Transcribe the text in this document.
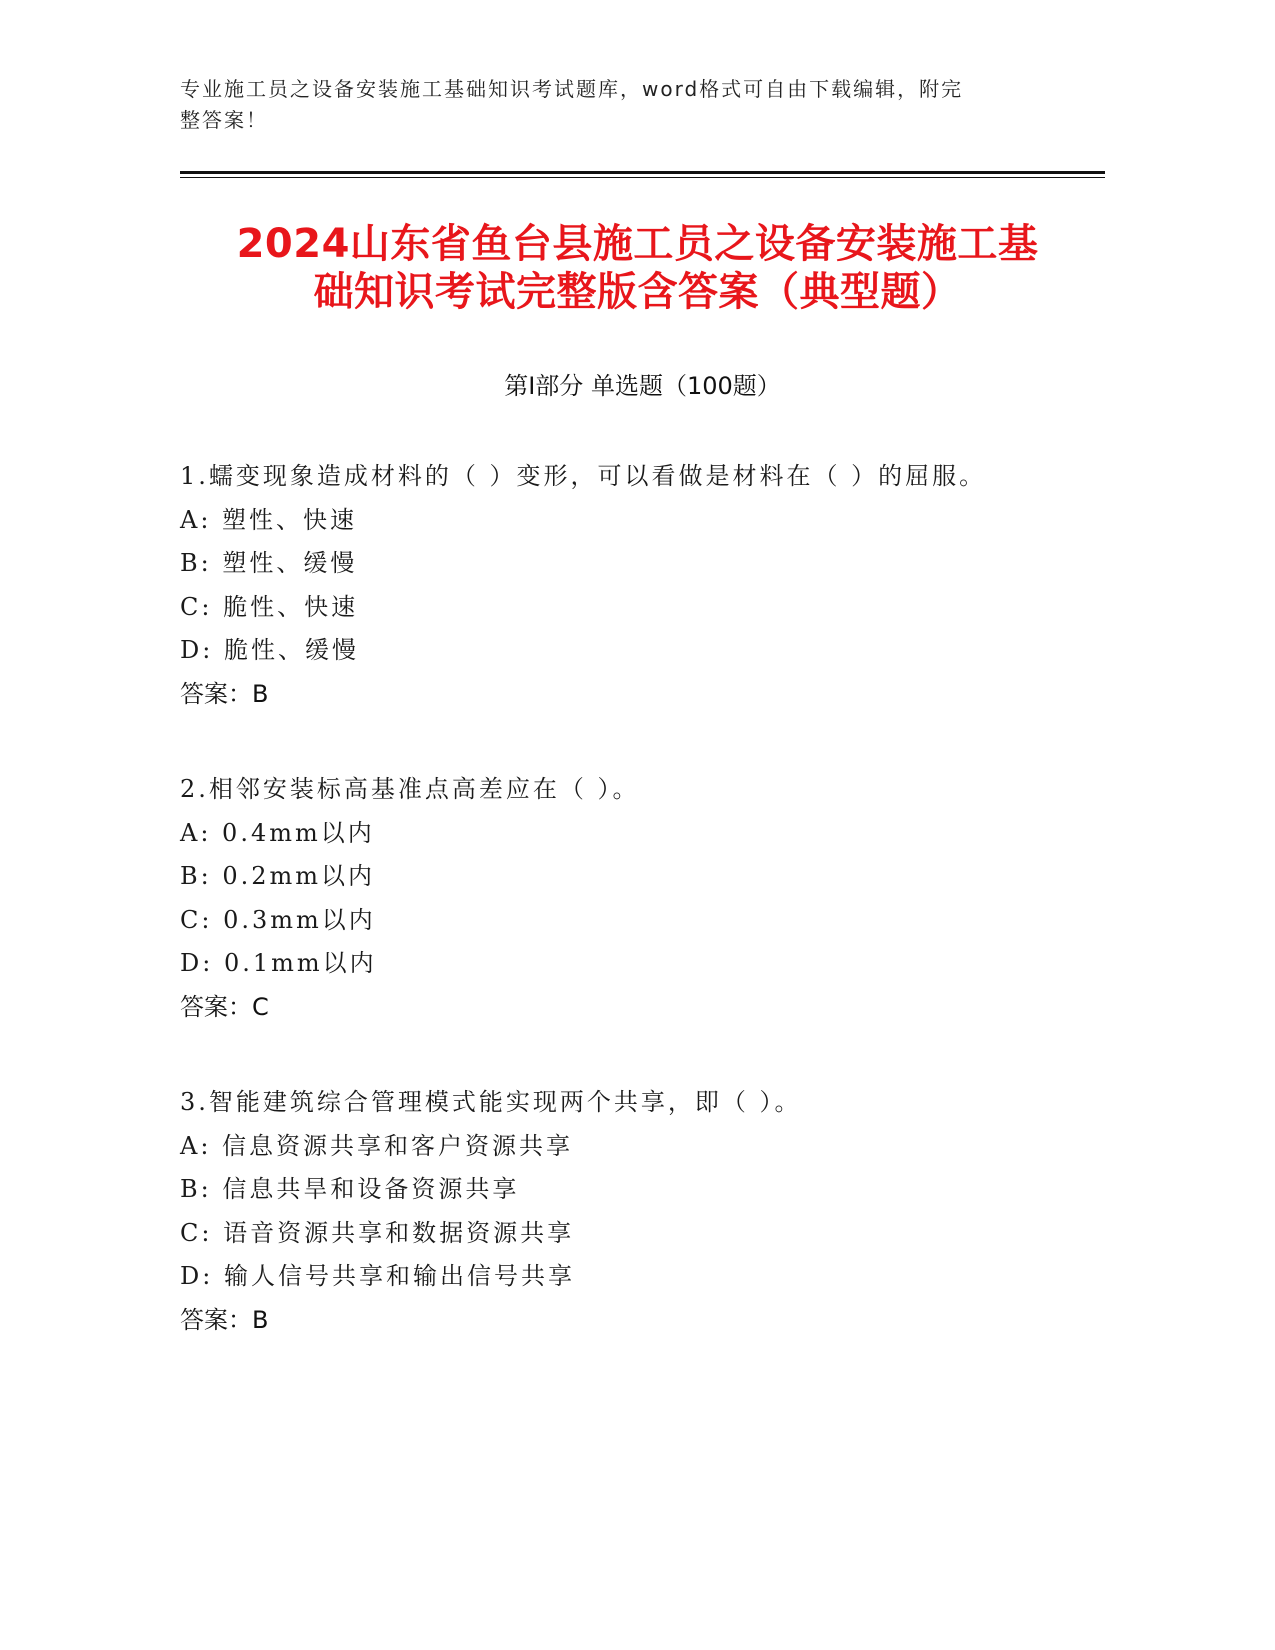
专业施工员之设备安装施工基础知识考试题库，word格式可自由下载编辑，附完
整答案！
2024山东省鱼台县施工员之设备安装施工基
础知识考试完整版含答案（典型题）
第Ⅰ部分 单选题（100题）
1.蠕变现象造成材料的（ ）变形，可以看做是材料在（ ）的屈服。
A: 塑性、快速
B: 塑性、缓慢
C: 脆性、快速
D: 脆性、缓慢
答案：B
2.相邻安装标高基准点高差应在（ ）。
A: 0.4mm以内
B: 0.2mm以内
C: 0.3mm以内
D: 0.1mm以内
答案：C
3.智能建筑综合管理模式能实现两个共享，即（ ）。
A: 信息资源共享和客户资源共享
B: 信息共旱和设备资源共享
C: 语音资源共享和数据资源共享
D: 输人信号共享和输出信号共享
答案：B
